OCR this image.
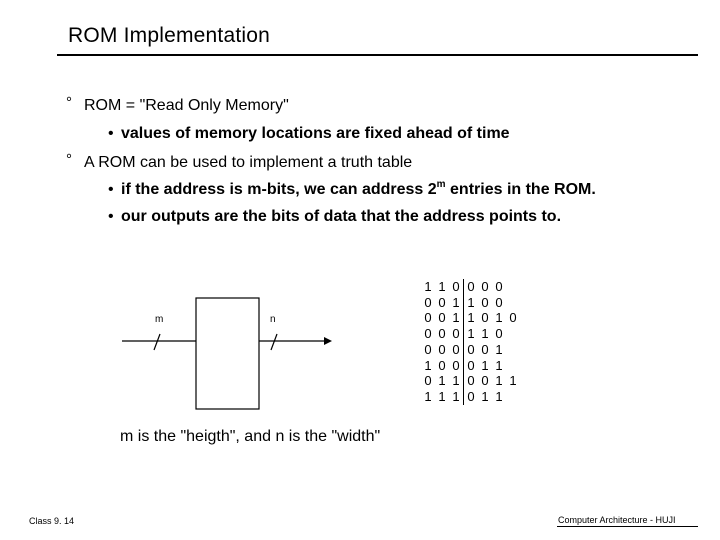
ROM Implementation
° ROM = "Read Only Memory"
• values of memory locations are fixed ahead of time
° A ROM can be used to implement a truth table
• if the address is m-bits, we can address 2$^m$ entries in the ROM.
• our outputs are the bits of data that the address points to.
m	n
1	1	0	0	0	0	
0	0	1	1	0	0	
0	0	1	1	0	1	0
0	0	0	1	1	0	
0	0	0	0	0	1	
1	0	0	0	1	1	
0	1	1	0	0	1	1
1	1	1	0	1	1	
m is the "heigth", and n is the "width"
Class 9. 14	Computer Architecture - HUJI
